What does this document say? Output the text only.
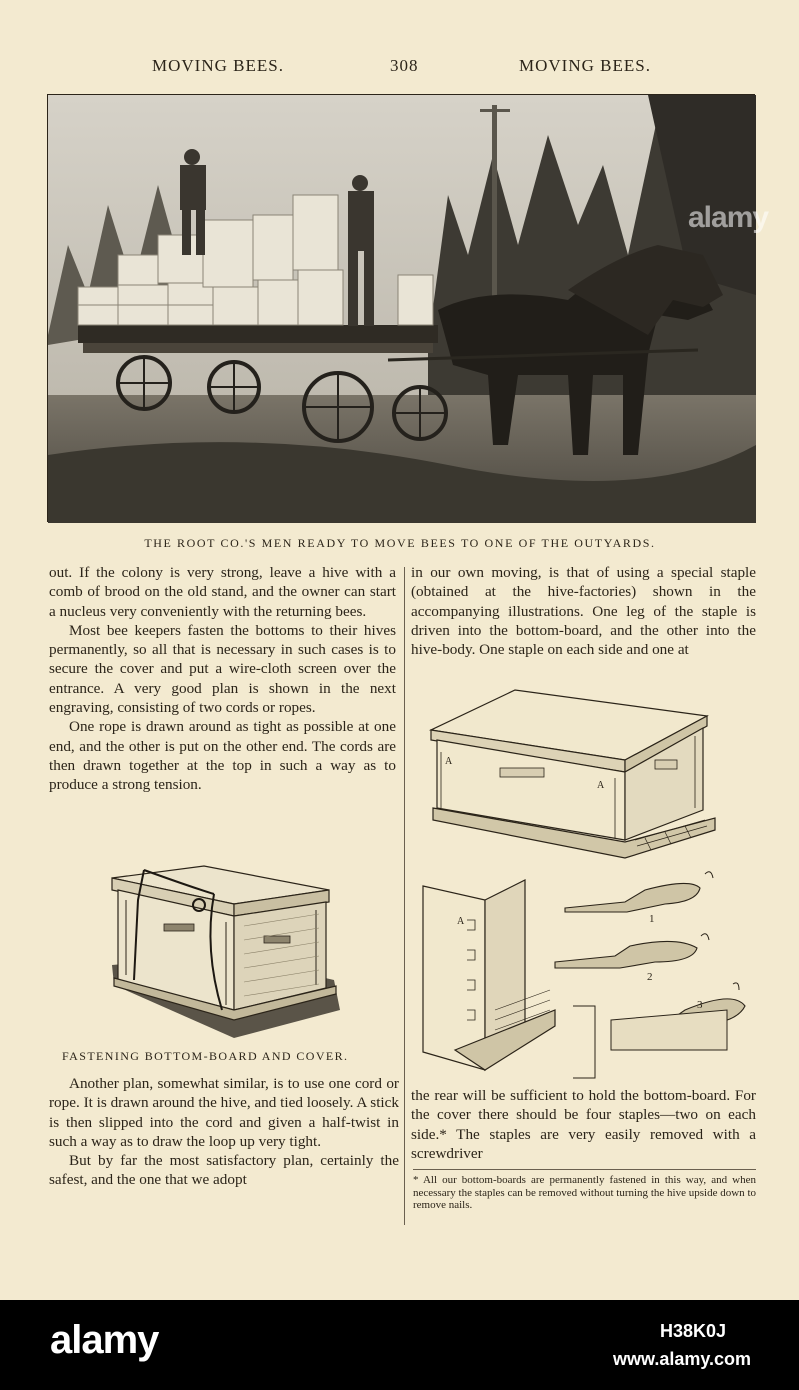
MOVING BEES.	308	MOVING BEES.
alamy
THE ROOT CO.'S MEN READY TO MOVE BEES TO ONE OF THE OUTYARDS.

out. If the colony is very strong, leave a hive with a comb of brood on the old stand, and the owner can start a nucleus very conveniently with the returning bees.

Most bee keepers fasten the bottoms to their hives permanently, so all that is necessary in such cases is to secure the cover and put a wire-cloth screen over the entrance. A very good plan is shown in the next engraving, consisting of two cords or ropes.

One rope is drawn around as tight as possible at one end, and the other is put on the other end. The cords are then drawn together at the top in such a way as to produce a strong tension.

FASTENING BOTTOM-BOARD AND COVER.

Another plan, somewhat similar, is to use one cord or rope. It is drawn around the hive, and tied loosely. A stick is then slipped into the cord and given a half-twist in such a way as to draw the loop up very tight.

But by far the most satisfactory plan, certainly the safest, and the one that we adopt

in our own moving, is that of using a special staple (obtained at the hive-factories) shown in the accompanying illustrations. One leg of the staple is driven into the bottom-board, and the other into the hive-body. One staple on each side and one at

A
A
A	1
2
3

the rear will be sufficient to hold the bottom-board. For the cover there should be four staples—two on each side.* The staples are very easily removed with a screwdriver

* All our bottom-boards are permanently fastened in this way, and when necessary the staples can be removed without turning the hive upside down to remove nails.
alamy	H38K0J
www.alamy.com
